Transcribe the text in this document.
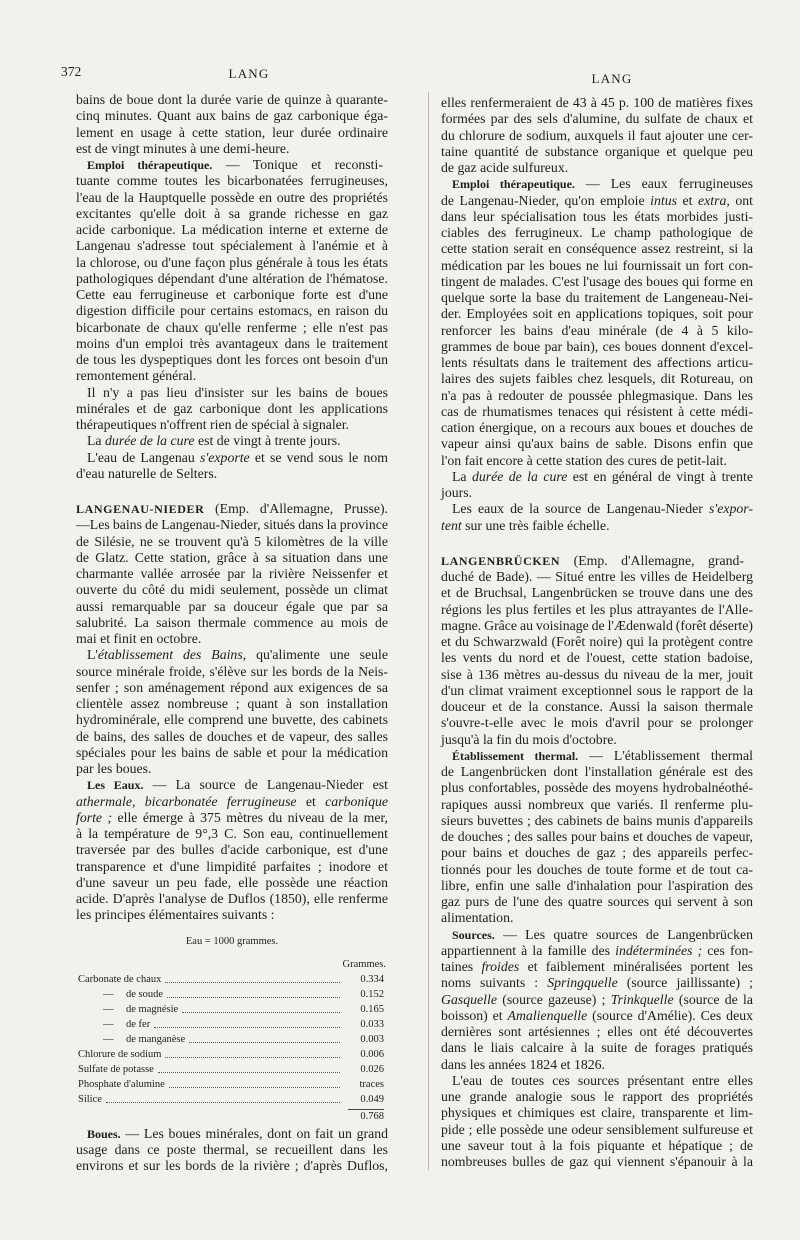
372	LANG	LANG
bains de boue dont la durée varie de quinze à quarante-
cinq minutes. Quant aux bains de gaz carbonique éga-
lement en usage à cette station, leur durée ordinaire
est de vingt minutes à une demi-heure.
Emploi thérapeutique. — Tonique et reconsti-
tuante comme toutes les bicarbonatées ferrugineuses,
l'eau de la Hauptquelle possède en outre des propriétés
excitantes qu'elle doit à sa grande richesse en gaz
acide carbonique. La médication interne et externe de
Langenau s'adresse tout spécialement à l'anémie et à
la chlorose, ou d'une façon plus générale à tous les états
pathologiques dépendant d'une altération de l'hématose.
Cette eau ferrugineuse et carbonique forte est d'une
digestion difficile pour certains estomacs, en raison du
bicarbonate de chaux qu'elle renferme ; elle n'est pas
moins d'un emploi très avantageux dans le traitement
de tous les dyspeptiques dont les forces ont besoin d'un
remontement général.
Il n'y a pas lieu d'insister sur les bains de boues
minérales et de gaz carbonique dont les applications
thérapeutiques n'offrent rien de spécial à signaler.
La durée de la cure est de vingt à trente jours.
L'eau de Langenau s'exporte et se vend sous le nom
d'eau naturelle de Selters.
LANGENAU-NIEDER (Emp. d'Allemagne, Prusse).
—Les bains de Langenau-Nieder, situés dans la province
de Silésie, ne se trouvent qu'à 5 kilomètres de la ville
de Glatz. Cette station, grâce à sa situation dans une
charmante vallée arrosée par la rivière Neissenfer et
ouverte du côté du midi seulement, possède un climat
aussi remarquable par sa douceur égale que par sa
salubrité. La saison thermale commence au mois de
mai et finit en octobre.
L'établissement des Bains, qu'alimente une seule
source minérale froide, s'élève sur les bords de la Neis-
senfer ; son aménagement répond aux exigences de sa
clientèle assez nombreuse ; quant à son installation
hydrominérale, elle comprend une buvette, des cabinets
de bains, des salles de douches et de vapeur, des salles
spéciales pour les bains de sable et pour la médication
par les boues.
Les Eaux. — La source de Langenau-Nieder est
athermale, bicarbonatée ferrugineuse et carbonique
forte ; elle émerge à 375 mètres du niveau de la mer,
à la température de 9°,3 C. Son eau, continuellement
traversée par des bulles d'acide carbonique, est d'une
transparence et d'une limpidité parfaites ; inodore et
d'une saveur un peu fade, elle possède une réaction
acide. D'après l'analyse de Duflos (1850), elle renferme
les principes élémentaires suivants :
Eau = 1000 grammes.
Grammes.
Carbonate de chaux	0.334
—	de soude	0.152
—	de magnésie	0.165
—	de fer	0.033
—	de manganèse	0.003
Chlorure de sodium	0.006
Sulfate de potasse	0.026
Phosphate d'alumine	traces
Silice	0.049
0.768
Boues. — Les boues minérales, dont on fait un grand
usage dans ce poste thermal, se recueillent dans les
environs et sur les bords de la rivière ; d'après Duflos,
elles renfermeraient de 43 à 45 p. 100 de matières fixes
formées par des sels d'alumine, du sulfate de chaux et
du chlorure de sodium, auxquels il faut ajouter une cer-
taine quantité de substance organique et quelque peu
de gaz acide sulfureux.
Emploi thérapeutique. — Les eaux ferrugineuses
de Langenau-Nieder, qu'on emploie intus et extra, ont
dans leur spécialisation tous les états morbides justi-
ciables des ferrugineux. Le champ pathologique de
cette station serait en conséquence assez restreint, si la
médication par les boues ne lui fournissait un fort con-
tingent de malades. C'est l'usage des boues qui forme en
quelque sorte la base du traitement de Langeneau-Nei-
der. Employées soit en applications topiques, soit pour
renforcer les bains d'eau minérale (de 4 à 5 kilo-
grammes de boue par bain), ces boues donnent d'excel-
lents résultats dans le traitement des affections articu-
laires des sujets faibles chez lesquels, dit Rotureau, on
n'a pas à redouter de poussée phlegmasique. Dans les
cas de rhumatismes tenaces qui résistent à cette médi-
cation énergique, on a recours aux boues et douches de
vapeur ainsi qu'aux bains de sable. Disons enfin que
l'on fait encore à cette station des cures de petit-lait.
La durée de la cure est en général de vingt à trente
jours.
Les eaux de la source de Langenau-Nieder s'expor-
tent sur une très faible échelle.
LANGENBRÜCKEN (Emp. d'Allemagne, grand-
duché de Bade). — Situé entre les villes de Heidelberg
et de Bruchsal, Langenbrücken se trouve dans une des
régions les plus fertiles et les plus attrayantes de l'Alle-
magne. Grâce au voisinage de l'Ædenwald (forêt déserte)
et du Schwarzwald (Forêt noire) qui la protègent contre
les vents du nord et de l'ouest, cette station badoise,
sise à 136 mètres au-dessus du niveau de la mer, jouit
d'un climat vraiment exceptionnel sous le rapport de la
douceur et de la constance. Aussi la saison thermale
s'ouvre-t-elle avec le mois d'avril pour se prolonger
jusqu'à la fin du mois d'octobre.
Établissement thermal. — L'établissement thermal
de Langenbrücken dont l'installation générale est des
plus confortables, possède des moyens hydrobalnéothé-
rapiques aussi nombreux que variés. Il renferme plu-
sieurs buvettes ; des cabinets de bains munis d'appareils
de douches ; des salles pour bains et douches de vapeur,
pour bains et douches de gaz ; des appareils perfec-
tionnés pour les douches de toute forme et de tout ca-
libre, enfin une salle d'inhalation pour l'aspiration des
gaz purs de l'une des quatre sources qui servent à son
alimentation.
Sources. — Les quatre sources de Langenbrücken
appartiennent à la famille des indéterminées ; ces fon-
taines froides et faiblement minéralisées portent les
noms suivants : Springquelle (source jaillissante) ;
Gasquelle (source gazeuse) ; Trinkquelle (source de la
boisson) et Amalienquelle (source d'Amélie). Ces deux
dernières sont artésiennes ; elles ont été découvertes
dans le liais calcaire à la suite de forages pratiqués
dans les années 1824 et 1826.
L'eau de toutes ces sources présentant entre elles
une grande analogie sous le rapport des propriétés
physiques et chimiques est claire, transparente et lim-
pide ; elle possède une odeur sensiblement sulfureuse et
une saveur tout à la fois piquante et hépatique ; de
nombreuses bulles de gaz qui viennent s'épanouir à la
